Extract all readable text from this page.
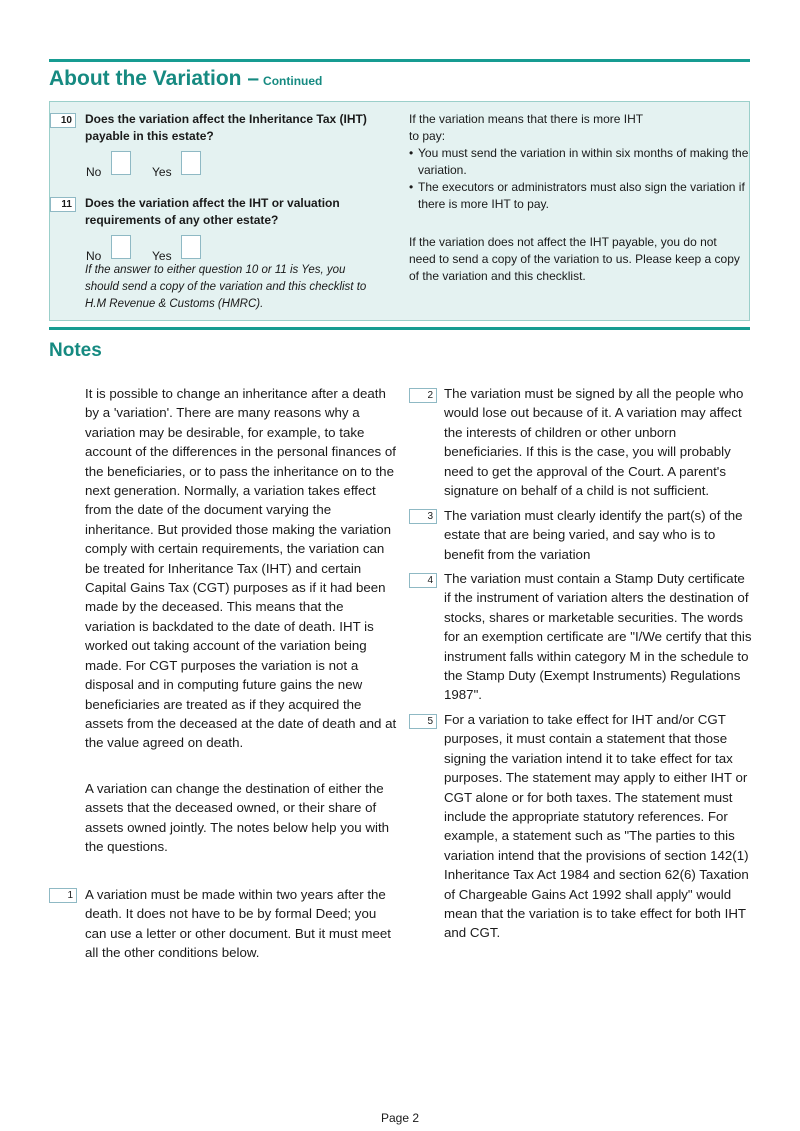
About the Variation – Continued
10	Does the variation affect the Inheritance Tax (IHT) payable in this estate?
No	Yes
11	Does the variation affect the IHT or valuation requirements of any other estate?
No	Yes
If the answer to either question 10 or 11 is Yes, you should send a copy of the variation and this checklist to H.M Revenue & Customs (HMRC).
If the variation means that there is more IHT to pay:
• You must send the variation in within six months of making the variation.
• The executors or administrators must also sign the variation if there is more IHT to pay.
If the variation does not affect the IHT payable, you do not need to send a copy of the variation to us. Please keep a copy of the variation and this checklist.
Notes

It is possible to change an inheritance after a death by a 'variation'. There are many reasons why a variation may be desirable, for example, to take account of the differences in the personal finances of the beneficiaries, or to pass the inheritance on to the next generation. Normally, a variation takes effect from the date of the document varying the inheritance. But provided those making the variation comply with certain requirements, the variation can be treated for Inheritance Tax (IHT) and certain Capital Gains Tax (CGT) purposes as if it had been made by the deceased. This means that the variation is backdated to the date of death. IHT is worked out taking account of the variation being made. For CGT purposes the variation is not a disposal and in computing future gains the new beneficiaries are treated as if they acquired the assets from the deceased at the date of death and at the value agreed on death.

A variation can change the destination of either the assets that the deceased owned, or their share of assets owned jointly. The notes below help you with the questions.

1 A variation must be made within two years after the death. It does not have to be by formal Deed; you can use a letter or other document. But it must meet all the other conditions below.

2 The variation must be signed by all the people who would lose out because of it. A variation may affect the interests of children or other unborn beneficiaries. If this is the case, you will probably need to get the approval of the Court. A parent's signature on behalf of a child is not sufficient.

3 The variation must clearly identify the part(s) of the estate that are being varied, and say who is to benefit from the variation

4 The variation must contain a Stamp Duty certificate if the instrument of variation alters the destination of stocks, shares or marketable securities. The words for an exemption certificate are "I/We certify that this instrument falls within category M in the schedule to the Stamp Duty (Exempt Instruments) Regulations 1987".

5 For a variation to take effect for IHT and/or CGT purposes, it must contain a statement that those signing the variation intend it to take effect for tax purposes. The statement may apply to either IHT or CGT alone or for both taxes. The statement must include the appropriate statutory references. For example, a statement such as "The parties to this variation intend that the provisions of section 142(1) Inheritance Tax Act 1984 and section 62(6) Taxation of Chargeable Gains Act 1992 shall apply" would mean that the variation is to take effect for both IHT and CGT.

Page 2
